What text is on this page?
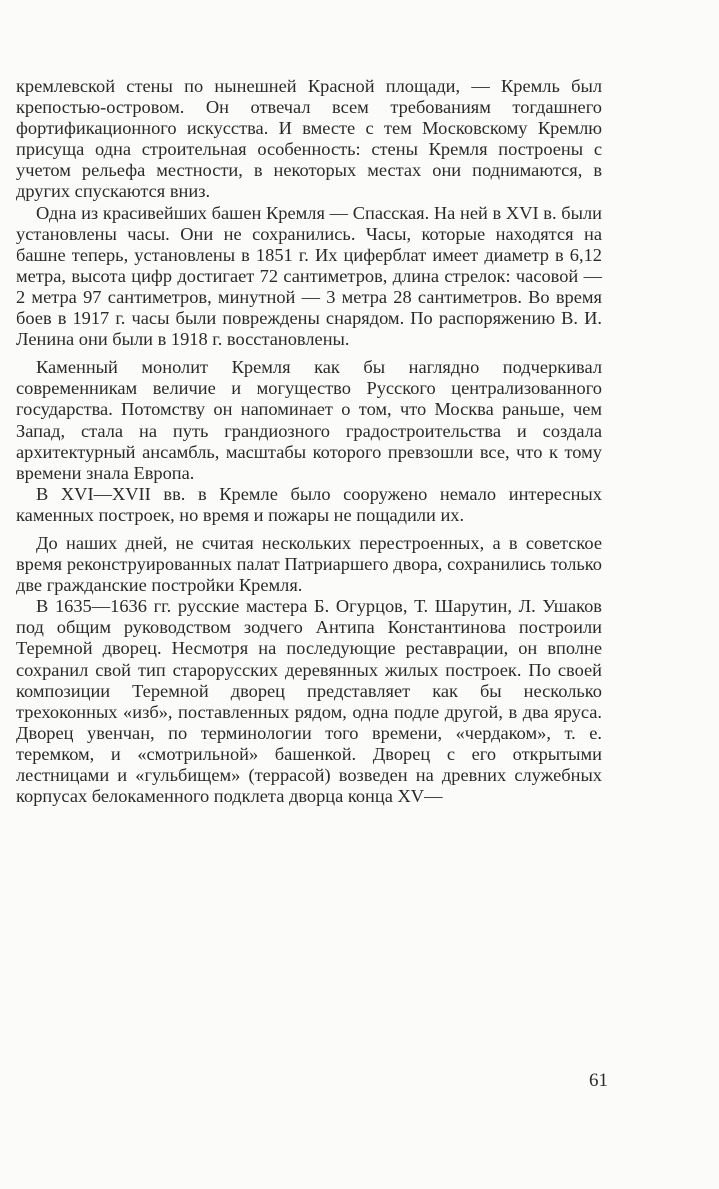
кремлевской стены по нынешней Красной площади, — Кремль был крепостью-островом. Он отвечал всем требованиям тогдашнего фортификационного искусства. И вместе с тем Московскому Кремлю присуща одна строительная особенность: стены Кремля построены с учетом рельефа местности, в некоторых местах они поднимаются, в других спускаются вниз.

Одна из красивейших башен Кремля — Спасская. На ней в XVI в. были установлены часы. Они не сохранились. Часы, которые находятся на башне теперь, установлены в 1851 г. Их циферблат имеет диаметр в 6,12 метра, высота цифр достигает 72 сантиметров, длина стрелок: часовой — 2 метра 97 сантиметров, минутной — 3 метра 28 сантиметров. Во время боев в 1917 г. часы были повреждены снарядом. По распоряжению В. И. Ленина они были в 1918 г. восстановлены.

Каменный монолит Кремля как бы наглядно подчеркивал современникам величие и могущество Русского централизованного государства. Потомству он напоминает о том, что Москва раньше, чем Запад, стала на путь грандиозного градостроительства и создала архитектурный ансамбль, масштабы которого превзошли все, что к тому времени знала Европа.

В XVI—XVII вв. в Кремле было сооружено немало интересных каменных построек, но время и пожары не пощадили их.

До наших дней, не считая нескольких перестроенных, а в советское время реконструированных палат Патриаршего двора, сохранились только две гражданские постройки Кремля.

В 1635—1636 гг. русские мастера Б. Огурцов, Т. Шарутин, Л. Ушаков под общим руководством зодчего Антипа Константинова построили Теремной дворец. Несмотря на последующие реставрации, он вполне сохранил свой тип старорусских деревянных жилых построек. По своей композиции Теремной дворец представляет как бы несколько трехоконных «изб», поставленных рядом, одна подле другой, в два яруса. Дворец увенчан, по терминологии того времени, «чердаком», т. е. теремком, и «смотрильной» башенкой. Дворец с его открытыми лестницами и «гульбищем» (террасой) возведен на древних служебных корпусах белокаменного подклета дворца конца XV—

61
